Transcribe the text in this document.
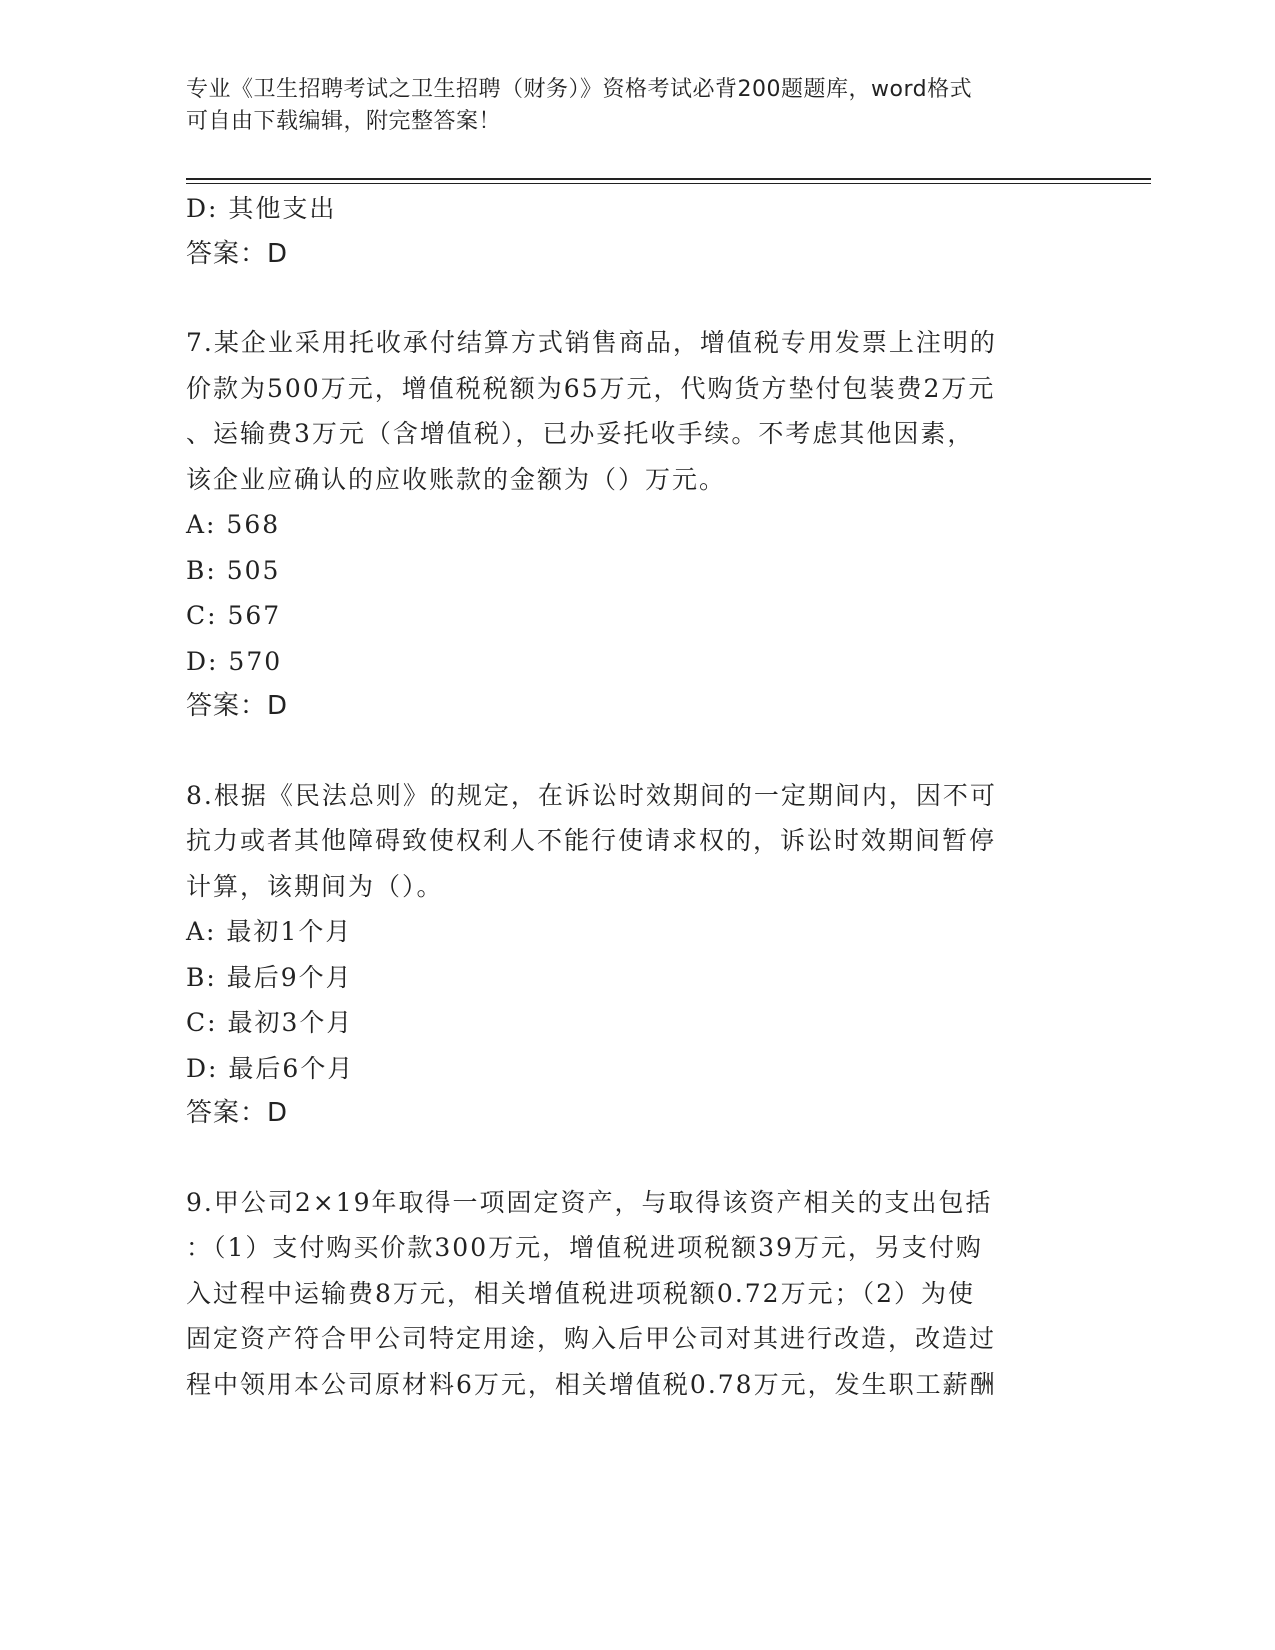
专业《卫生招聘考试之卫生招聘（财务）》资格考试必背200题题库，word格式
可自由下载编辑，附完整答案！
D: 其他支出
答案：D
7.某企业采用托收承付结算方式销售商品，增值税专用发票上注明的
价款为500万元，增值税税额为65万元，代购货方垫付包装费2万元
、运输费3万元（含增值税），已办妥托收手续。不考虑其他因素，
该企业应确认的应收账款的金额为（）万元。
A: 568
B: 505
C: 567
D: 570
答案：D
8.根据《民法总则》的规定，在诉讼时效期间的一定期间内，因不可
抗力或者其他障碍致使权利人不能行使请求权的，诉讼时效期间暂停
计算，该期间为（）。
A: 最初1个月
B: 最后9个月
C: 最初3个月
D: 最后6个月
答案：D
9.甲公司2×19年取得一项固定资产，与取得该资产相关的支出包括
：（1）支付购买价款300万元，增值税进项税额39万元，另支付购
入过程中运输费8万元，相关增值税进项税额0.72万元；（2）为使
固定资产符合甲公司特定用途，购入后甲公司对其进行改造，改造过
程中领用本公司原材料6万元，相关增值税0.78万元，发生职工薪酬
